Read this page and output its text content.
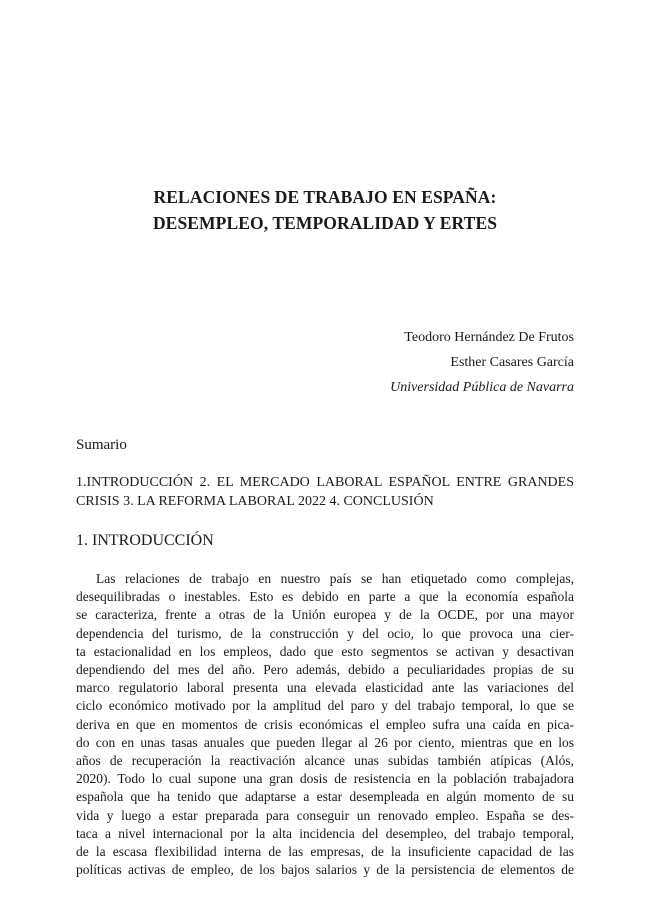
RELACIONES DE TRABAJO EN ESPAÑA:
DESEMPLEO, TEMPORALIDAD Y ERTES
Teodoro Hernández De Frutos
Esther Casares García
Universidad Pública de Navarra
Sumario
1.INTRODUCCIÓN 2. EL MERCADO LABORAL ESPAÑOL ENTRE GRANDES CRISIS 3. LA REFORMA LABORAL 2022 4. CONCLUSIÓN
1. INTRODUCCIÓN
Las relaciones de trabajo en nuestro país se han etiquetado como complejas,
desequilibradas o inestables. Esto es debido en parte a que la economía española
se caracteriza, frente a otras de la Unión europea y de la OCDE, por una mayor
dependencia del turismo, de la construcción y del ocio, lo que provoca una cier-
ta estacionalidad en los empleos, dado que esto segmentos se activan y desactivan
dependiendo del mes del año. Pero además, debido a peculiaridades propias de su
marco regulatorio laboral presenta una elevada elasticidad ante las variaciones del
ciclo económico motivado por la amplitud del paro y del trabajo temporal, lo que se
deriva en que en momentos de crisis económicas el empleo sufra una caída en pica-
do con en unas tasas anuales que pueden llegar al 26 por ciento, mientras que en los
años de recuperación la reactivación alcance unas subidas también atípicas (Alós,
2020). Todo lo cual supone una gran dosis de resistencia en la población trabajadora
española que ha tenido que adaptarse a estar desempleada en algún momento de su
vida y luego a estar preparada para conseguir un renovado empleo. España se des-
taca a nivel internacional por la alta incidencia del desempleo, del trabajo temporal,
de la escasa flexibilidad interna de las empresas, de la insuficiente capacidad de las
políticas activas de empleo, de los bajos salarios y de la persistencia de elementos de
